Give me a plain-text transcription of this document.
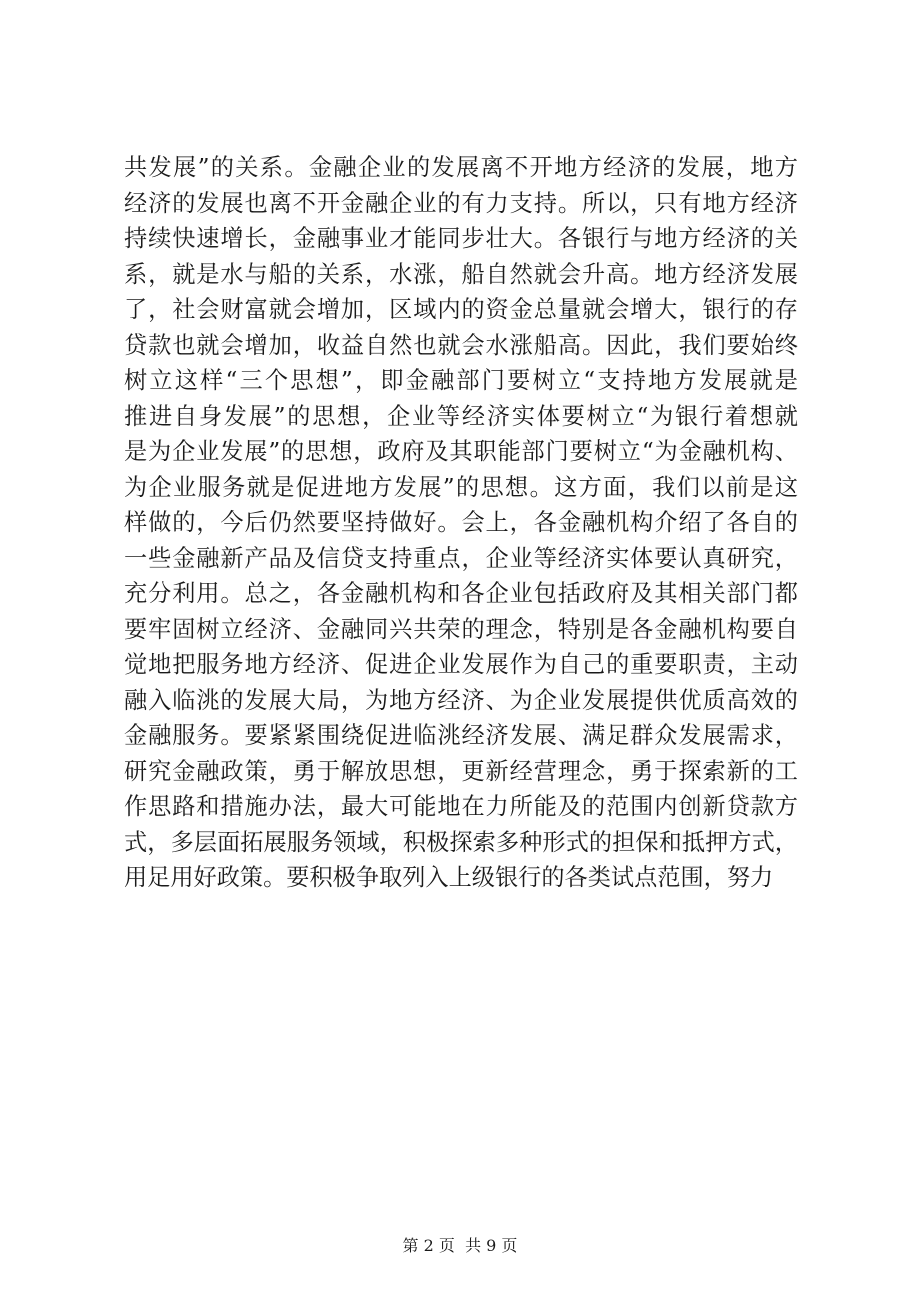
共发展”的关系。金融企业的发展离不开地方经济的发展，地方
经济的发展也离不开金融企业的有力支持。所以，只有地方经济
持续快速增长，金融事业才能同步壮大。各银行与地方经济的关
系，就是水与船的关系，水涨，船自然就会升高。地方经济发展
了，社会财富就会增加，区域内的资金总量就会增大，银行的存
贷款也就会增加，收益自然也就会水涨船高。因此，我们要始终
树立这样“三个思想”，即金融部门要树立“支持地方发展就是
推进自身发展”的思想，企业等经济实体要树立“为银行着想就
是为企业发展”的思想，政府及其职能部门要树立“为金融机构、
为企业服务就是促进地方发展”的思想。这方面，我们以前是这
样做的，今后仍然要坚持做好。会上，各金融机构介绍了各自的
一些金融新产品及信贷支持重点，企业等经济实体要认真研究，
充分利用。总之，各金融机构和各企业包括政府及其相关部门都
要牢固树立经济、金融同兴共荣的理念，特别是各金融机构要自
觉地把服务地方经济、促进企业发展作为自己的重要职责，主动
融入临洮的发展大局，为地方经济、为企业发展提供优质高效的
金融服务。要紧紧围绕促进临洮经济发展、满足群众发展需求，
研究金融政策，勇于解放思想，更新经营理念，勇于探索新的工
作思路和措施办法，最大可能地在力所能及的范围内创新贷款方
式，多层面拓展服务领域，积极探索多种形式的担保和抵押方式，
用足用好政策。要积极争取列入上级银行的各类试点范围，努力
第 2 页  共 9 页
